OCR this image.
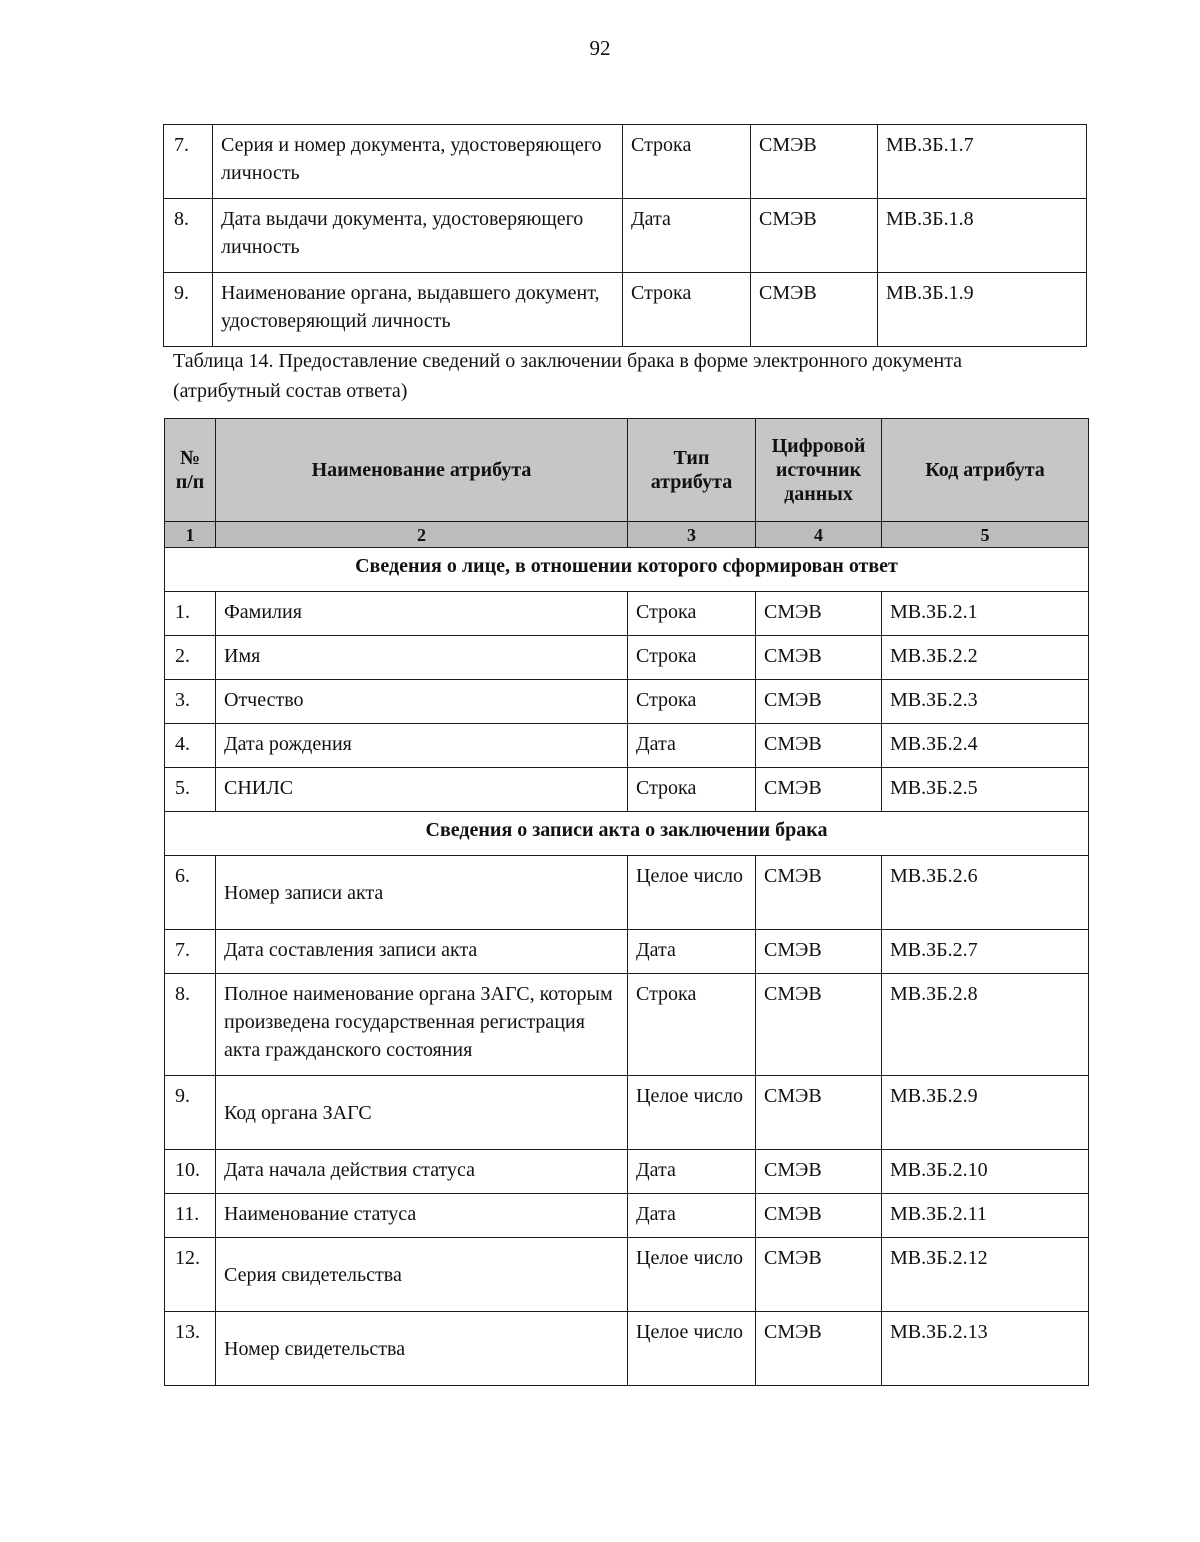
92
7.	Серия и номер документа, удостоверяющего личность	Строка	СМЭВ	МВ.ЗБ.1.7
8.	Дата выдачи документа, удостоверяющего личность	Дата	СМЭВ	МВ.ЗБ.1.8
9.	Наименование органа, выдавшего документ, удостоверяющий личность	Строка	СМЭВ	МВ.ЗБ.1.9
Таблица 14. Предоставление сведений о заключении брака в форме электронного документа (атрибутный состав ответа)
№ п/п	Наименование атрибута	Тип атрибута	Цифровой источник данных	Код атрибута
1	2	3	4	5
Сведения о лице, в отношении которого сформирован ответ				
1.	Фамилия	Строка	СМЭВ	МВ.ЗБ.2.1
2.	Имя	Строка	СМЭВ	МВ.ЗБ.2.2
3.	Отчество	Строка	СМЭВ	МВ.ЗБ.2.3
4.	Дата рождения	Дата	СМЭВ	МВ.ЗБ.2.4
5.	СНИЛС	Строка	СМЭВ	МВ.ЗБ.2.5
Сведения о записи акта о заключении брака				
6.	Номер записи акта	Целое число	СМЭВ	МВ.ЗБ.2.6
7.	Дата составления записи акта	Дата	СМЭВ	МВ.ЗБ.2.7
8.	Полное наименование органа ЗАГС, которым произведена государственная регистрация акта гражданского состояния	Строка	СМЭВ	МВ.ЗБ.2.8
9.	Код органа ЗАГС	Целое число	СМЭВ	МВ.ЗБ.2.9
10.	Дата начала действия статуса	Дата	СМЭВ	МВ.ЗБ.2.10
11.	Наименование статуса	Дата	СМЭВ	МВ.ЗБ.2.11
12.	Серия свидетельства	Целое число	СМЭВ	МВ.ЗБ.2.12
13.	Номер свидетельства	Целое число	СМЭВ	МВ.ЗБ.2.13
